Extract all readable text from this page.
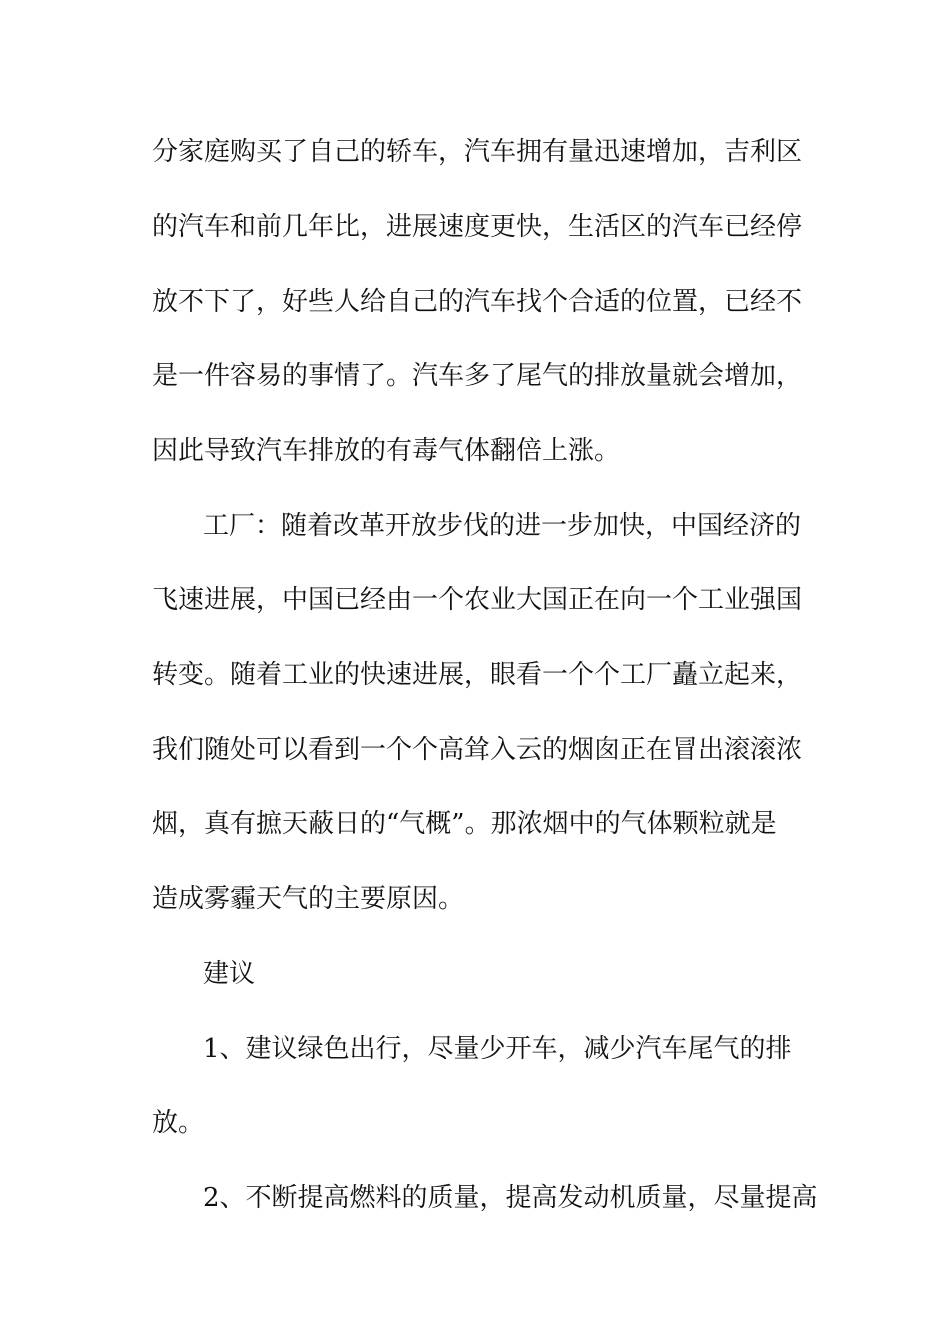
分家庭购买了自己的轿车，汽车拥有量迅速增加，吉利区
的汽车和前几年比，进展速度更快，生活区的汽车已经停
放不下了，好些人给自己的汽车找个合适的位置，已经不
是一件容易的事情了。汽车多了尾气的排放量就会增加，
因此导致汽车排放的有毒气体翻倍上涨。
工厂：随着改革开放步伐的进一步加快，中国经济的
飞速进展，中国已经由一个农业大国正在向一个工业强国
转变。随着工业的快速进展，眼看一个个工厂矗立起来，
我们随处可以看到一个个高耸入云的烟囱正在冒出滚滚浓
烟，真有摭天蔽日的“气概”。那浓烟中的气体颗粒就是
造成雾霾天气的主要原因。
建议
1、建议绿色出行，尽量少开车，减少汽车尾气的排
放。
2、不断提高燃料的质量，提高发动机质量，尽量提高
